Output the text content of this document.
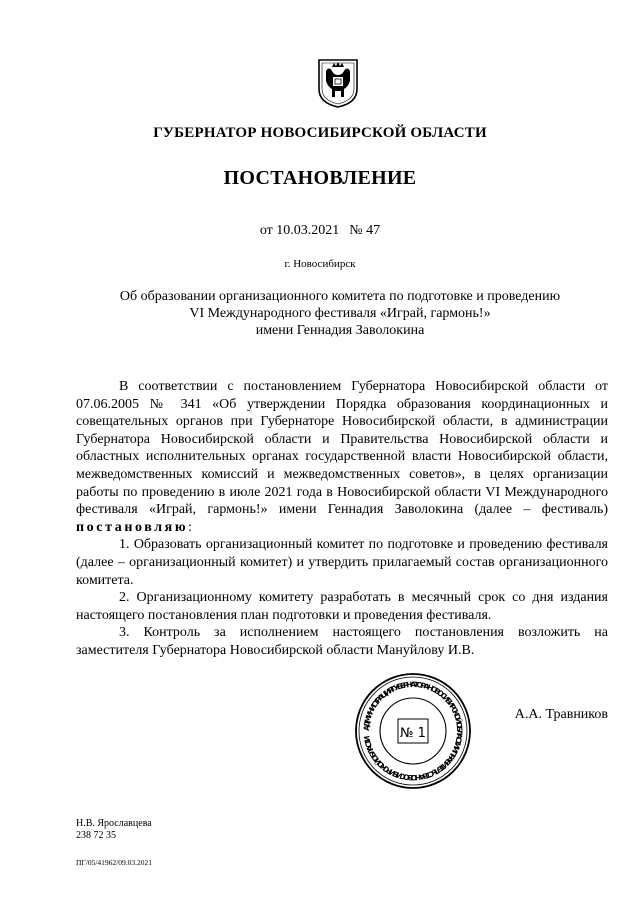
ГУБЕРНАТОР НОВОСИБИРСКОЙ ОБЛАСТИ
ПОСТАНОВЛЕНИЕ
от 10.03.2021 № 47
г. Новосибирск
Об образовании организационного комитета по подготовке и проведению
VI Международного фестиваля «Играй, гармонь!»
имени Геннадия Заволокина

В соответствии с постановлением Губернатора Новосибирской области от 07.06.2005 № 341 «Об утверждении Порядка образования координационных и совещательных органов при Губернаторе Новосибирской области, в администрации Губернатора Новосибирской области и Правительства Новосибирской области и областных исполнительных органах государственной власти Новосибирской области, межведомственных комиссий и межведомственных советов», в целях организации работы по проведению в июле 2021 года в Новосибирской области VI Международного фестиваля «Играй, гармонь!» имени Геннадия Заволокина (далее – фестиваль) постановляю:

1. Образовать организационный комитет по подготовке и проведению фестиваля (далее – организационный комитет) и утвердить прилагаемый состав организационного комитета.

2. Организационному комитету разработать в месячный срок со дня издания настоящего постановления план подготовки и проведения фестиваля.

3. Контроль за исполнением настоящего постановления возложить на заместителя Губернатора Новосибирской области Мануйлову И.В.

АДМИНИСТРАЦИЯ ГУБЕРНАТОРА НОВОСИБИРСКОЙ ОБЛАСТИ И ПРАВИТЕЛЬСТВА НОВОСИБИРСКОЙ ОБЛАСТИ	№ 1
А.А. Травников
Н.В. Ярославцева
238 72 35
ПГ/05/41962/09.03.2021
